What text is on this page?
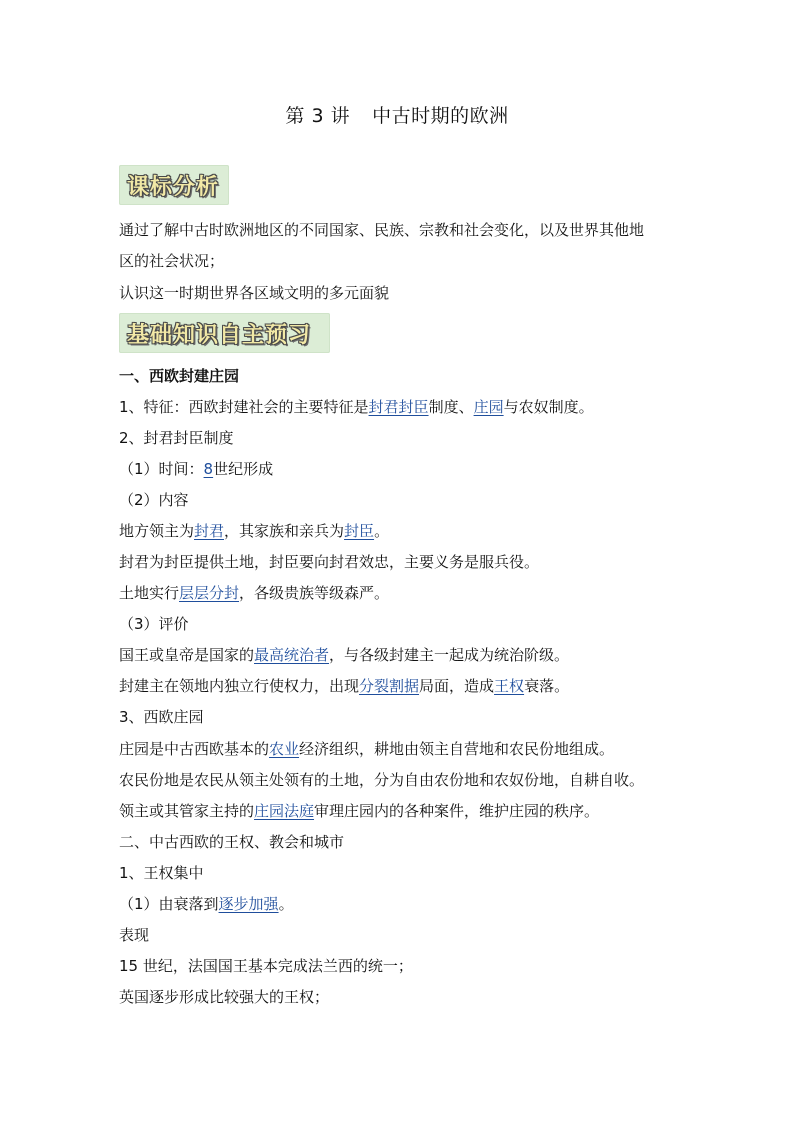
第 3 讲 中古时期的欧洲
课标分析
通过了解中古时欧洲地区的不同国家、民族、宗教和社会变化，以及世界其他地
区的社会状况；
认识这一时期世界各区域文明的多元面貌
基础知识自主预习
一、西欧封建庄园
1、特征：西欧封建社会的主要特征是封君封臣制度、庄园与农奴制度。
2、封君封臣制度
（1）时间：8世纪形成
（2）内容
地方领主为封君，其家族和亲兵为封臣。
封君为封臣提供土地，封臣要向封君效忠，主要义务是服兵役。
土地实行层层分封，各级贵族等级森严。
（3）评价
国王或皇帝是国家的最高统治者，与各级封建主一起成为统治阶级。
封建主在领地内独立行使权力，出现分裂割据局面，造成王权衰落。
3、西欧庄园
庄园是中古西欧基本的农业经济组织，耕地由领主自营地和农民份地组成。
农民份地是农民从领主处领有的土地，分为自由农份地和农奴份地，自耕自收。
领主或其管家主持的庄园法庭审理庄园内的各种案件，维护庄园的秩序。
二、中古西欧的王权、教会和城市
1、王权集中
（1）由衰落到逐步加强。
表现
15 世纪，法国国王基本完成法兰西的统一；
英国逐步形成比较强大的王权；
